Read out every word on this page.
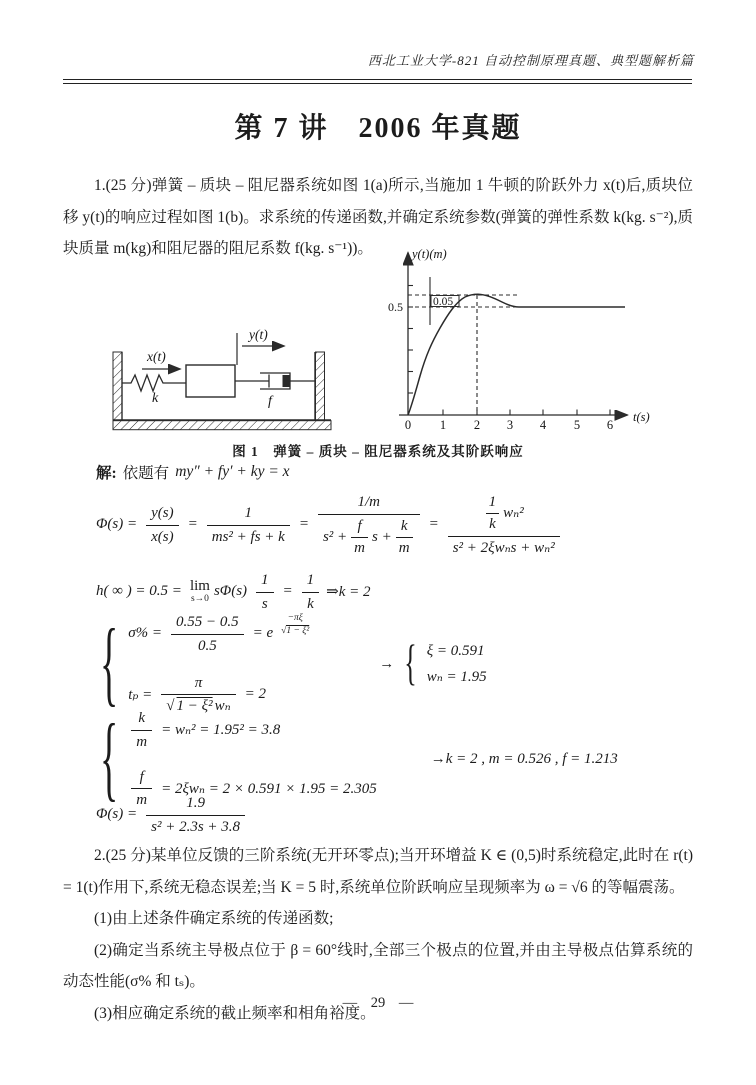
西北工业大学-821 自动控制原理真题、典型题解析篇
第 7 讲　2006 年真题

1.(25 分)弹簧 – 质块 – 阻尼器系统如图 1(a)所示,当施加 1 牛顿的阶跃外力 x(t)后,质块位移 y(t)的响应过程如图 1(b)。求系统的传递函数,并确定系统参数(弹簧的弹性系数 k(kg. s⁻²),质块质量 m(kg)和阻尼器的阻尼系数 f(kg. s⁻¹))。

k
x(t)
y(t)
f
y(t)(m)
t(s)
0.05
0.5
0 1 2 3 4 5 6
图 1　弹簧 – 质块 – 阻尼器系统及其阶跃响应
解: 依题有 my″ + fy′ + ky = x
$\Phi(s) = \frac{y(s)}{x(s)} = \frac{1}{\text{ms² + fs + k}}$ =
1/m
$s^2 + \frac{f}{m}$ $s + \frac{k}{m} = \frac{\frac{1}{k} w_n^2}{\text{s² + 2ξwₙs + wₙ²}}$
h( ∞ ) = 0.5 = lim
s→0 $s\Phi(s) \frac{1}{s} = \frac{1}{k}$ ⇒k = 2
{ $\sigma\% = \frac{0.55 - 0.5}{0.5} = e$
−πξ
√1 − ξ²
$t_p = \frac{\pi}{\text{√ 1 − ξ² wₙ}} = 2$
→ { ξ = 0.591
wₙ = 1.95
{ $\frac{k}{m} = w_n^2 = 1.95^2 = 3.8$
$\frac{f}{m} = 2\xi w_n = 2 \times 0.591 \times 1.95 = 2.305$
→k = 2 , m = 0.526 , f = 1.213
$\Phi(s) = \frac{1.9}{\text{s² + 2.3s + 3.8}}$

2.(25 分)某单位反馈的三阶系统(无开环零点);当开环增益 K ∈ (0,5)时系统稳定,此时在 r(t) = 1(t)作用下,系统无稳态误差;当 K = 5 时,系统单位阶跃响应呈现频率为 ω = √6 的等幅震荡。

(1)由上述条件确定系统的传递函数;

(2)确定当系统主导极点位于 β = 60°线时,全部三个极点的位置,并由主导极点估算系统的动态性能(σ% 和 tₛ)。

(3)相应确定系统的截止频率和相角裕度。

— 29 —
